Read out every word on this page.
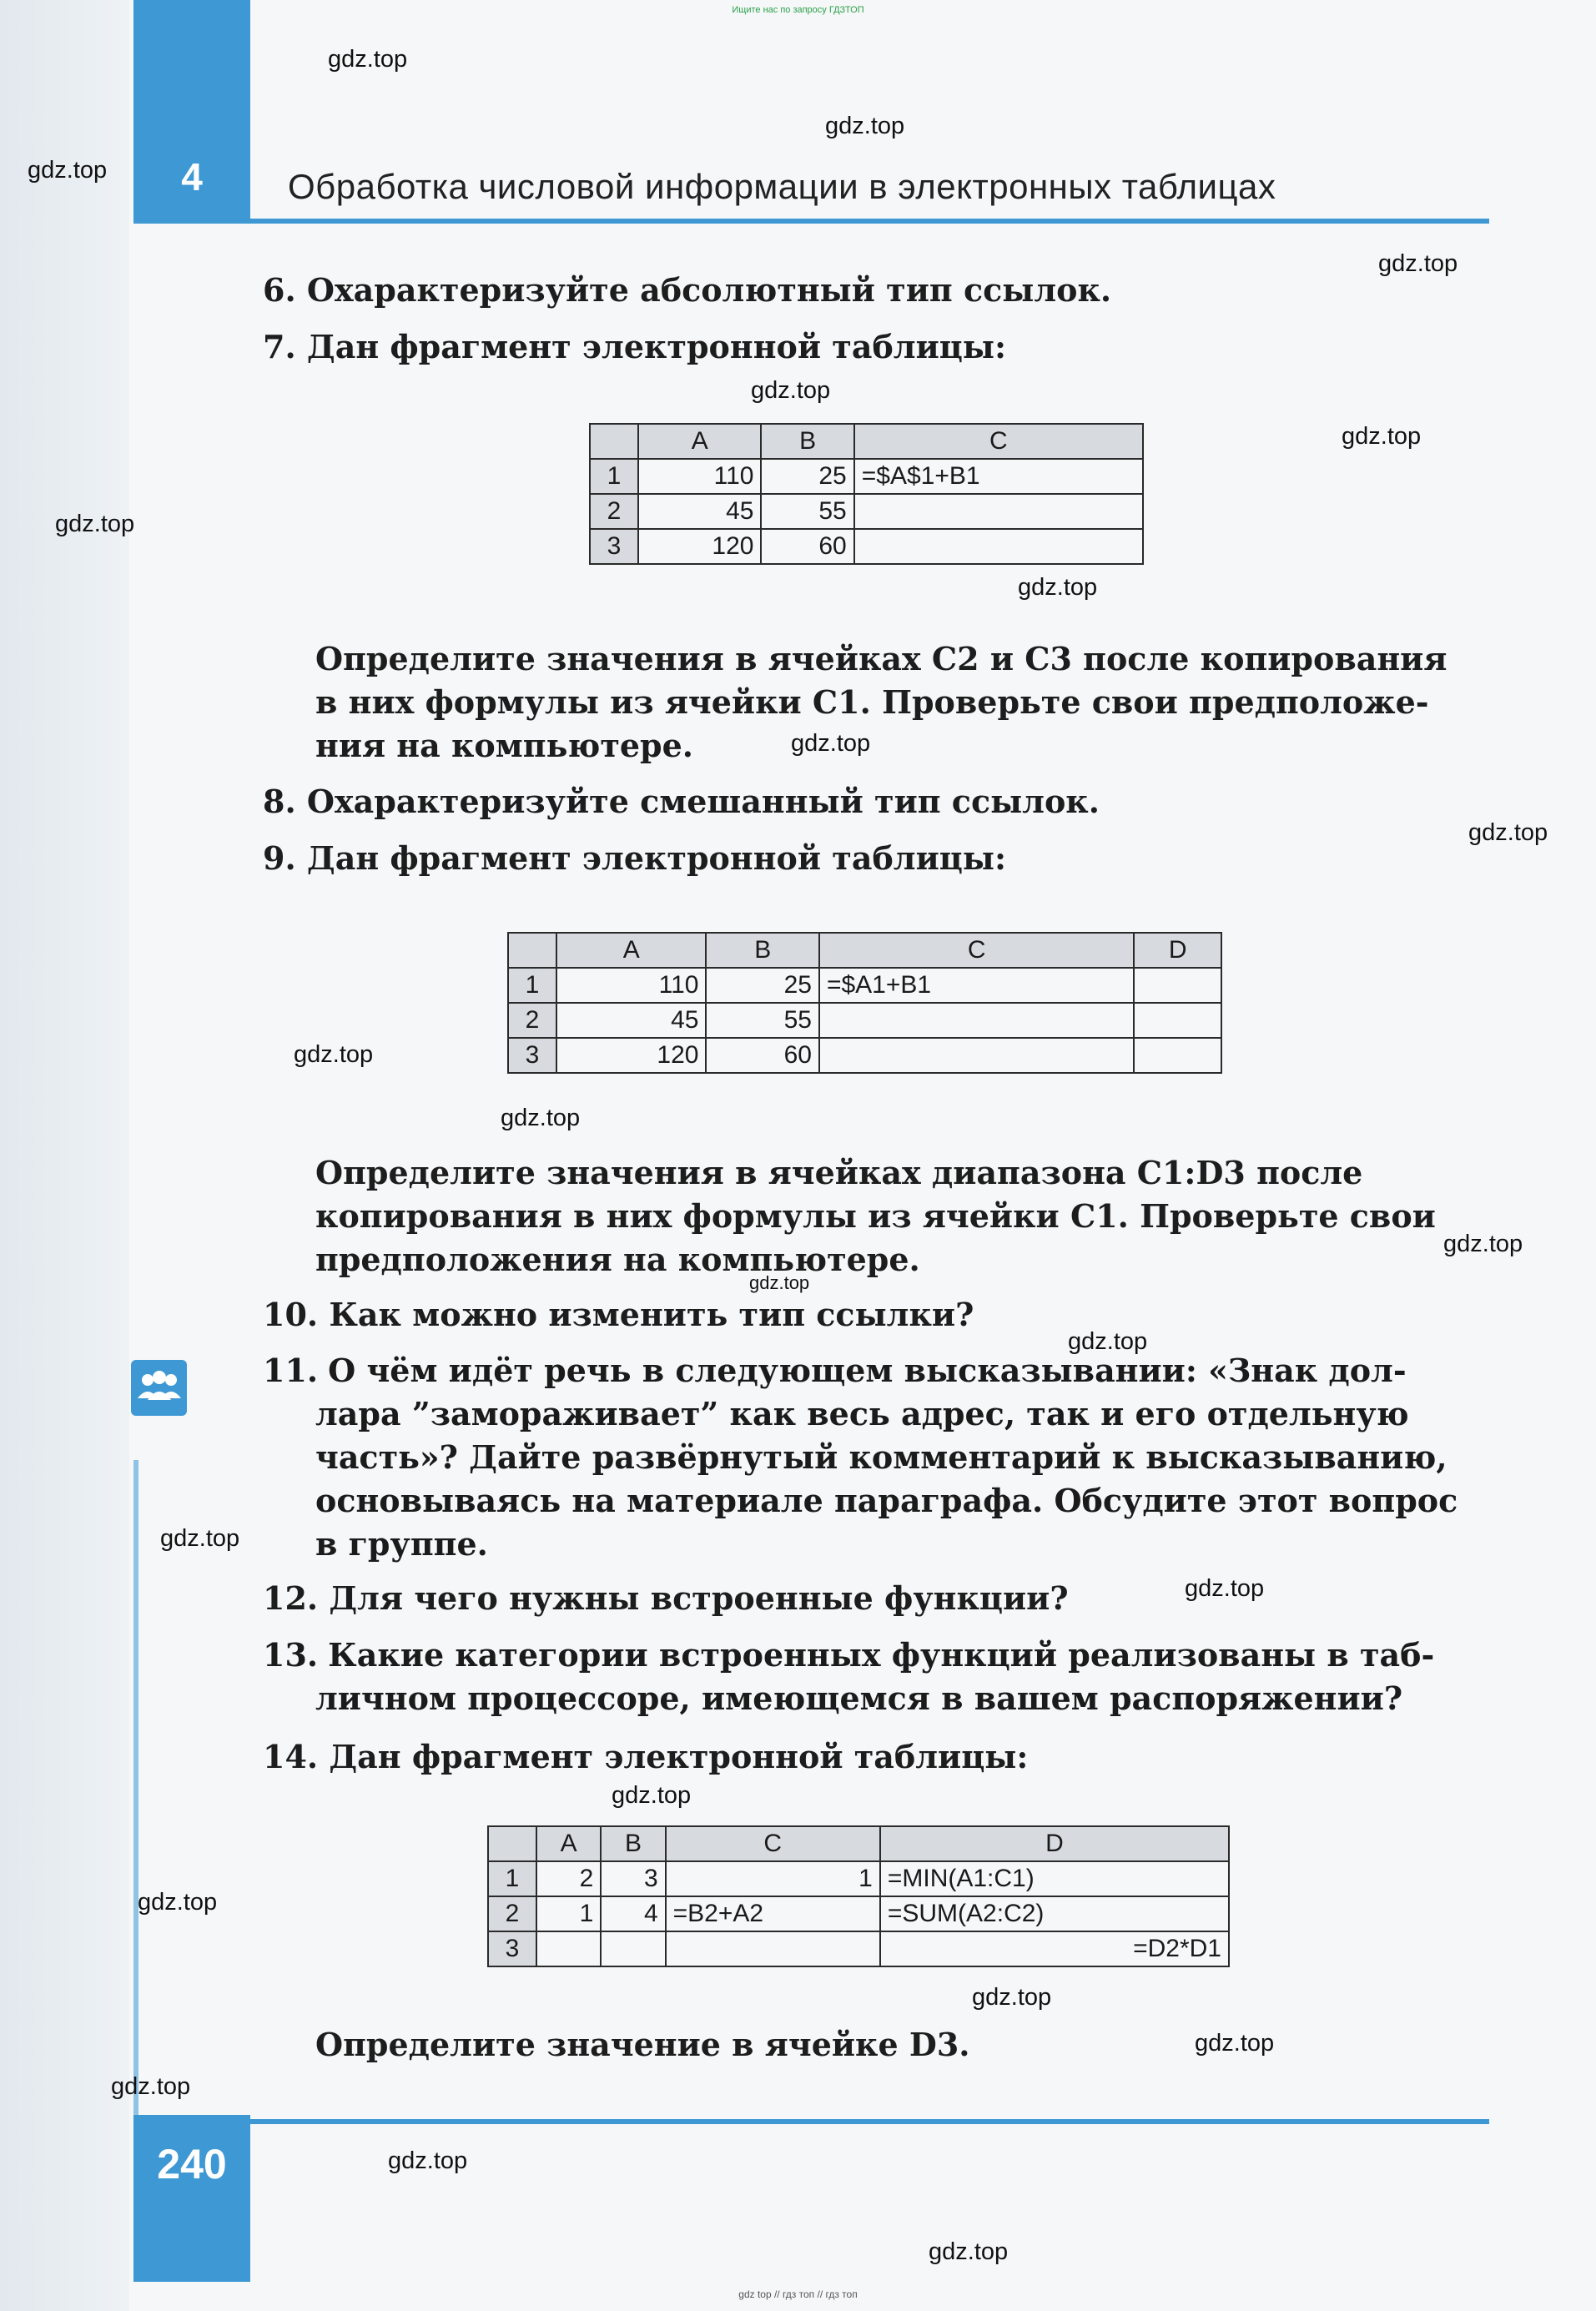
Ищите нас по запросу ГДЗТОП
4	Обработка числовой информации в электронных таблицах
6. Охарактеризуйте абсолютный тип ссылок.
7. Дан фрагмент электронной таблицы:
	A	B	C
1	110	25	=$A$1+B1
2	45	55	
3	120	60	
Определите значения в ячейках С2 и С3 после копирования
в них формулы из ячейки С1. Проверьте свои предположе-
ния на компьютере.
8. Охарактеризуйте смешанный тип ссылок.
9. Дан фрагмент электронной таблицы:
	A	B	C	D
1	110	25	=$A1+B1	
2	45	55		
3	120	60		
Определите значения в ячейках диапазона С1:D3 после
копирования в них формулы из ячейки С1. Проверьте свои
предположения на компьютере.
10. Как можно изменить тип ссылки?
11. О чём идёт речь в следующем высказывании: «Знак дол-
лара ”замораживает” как весь адрес, так и его отдельную
часть»? Дайте развёрнутый комментарий к высказыванию,
основываясь на материале параграфа. Обсудите этот вопрос
в группе.
12. Для чего нужны встроенные функции?
13. Какие категории встроенных функций реализованы в таб-
личном процессоре, имеющемся в вашем распоряжении?
14. Дан фрагмент электронной таблицы:
	A	B	C	D
1	2	3	1	=MIN(A1:C1)
2	1	4	=B2+A2	=SUM(A2:C2)
3				=D2*D1
Определите значение в ячейке D3.
240
gdz.top
gdz.top
gdz.top
gdz.top
gdz.top
gdz.top
gdz.top
gdz.top
gdz.top
gdz.top
gdz.top
gdz.top
gdz.top
gdz.top
gdz.top
gdz.top
gdz.top
gdz.top
gdz.top
gdz.top
gdz.top
gdz.top
gdz.top
gdz.top
gdz top // гдз топ // гдз топ
